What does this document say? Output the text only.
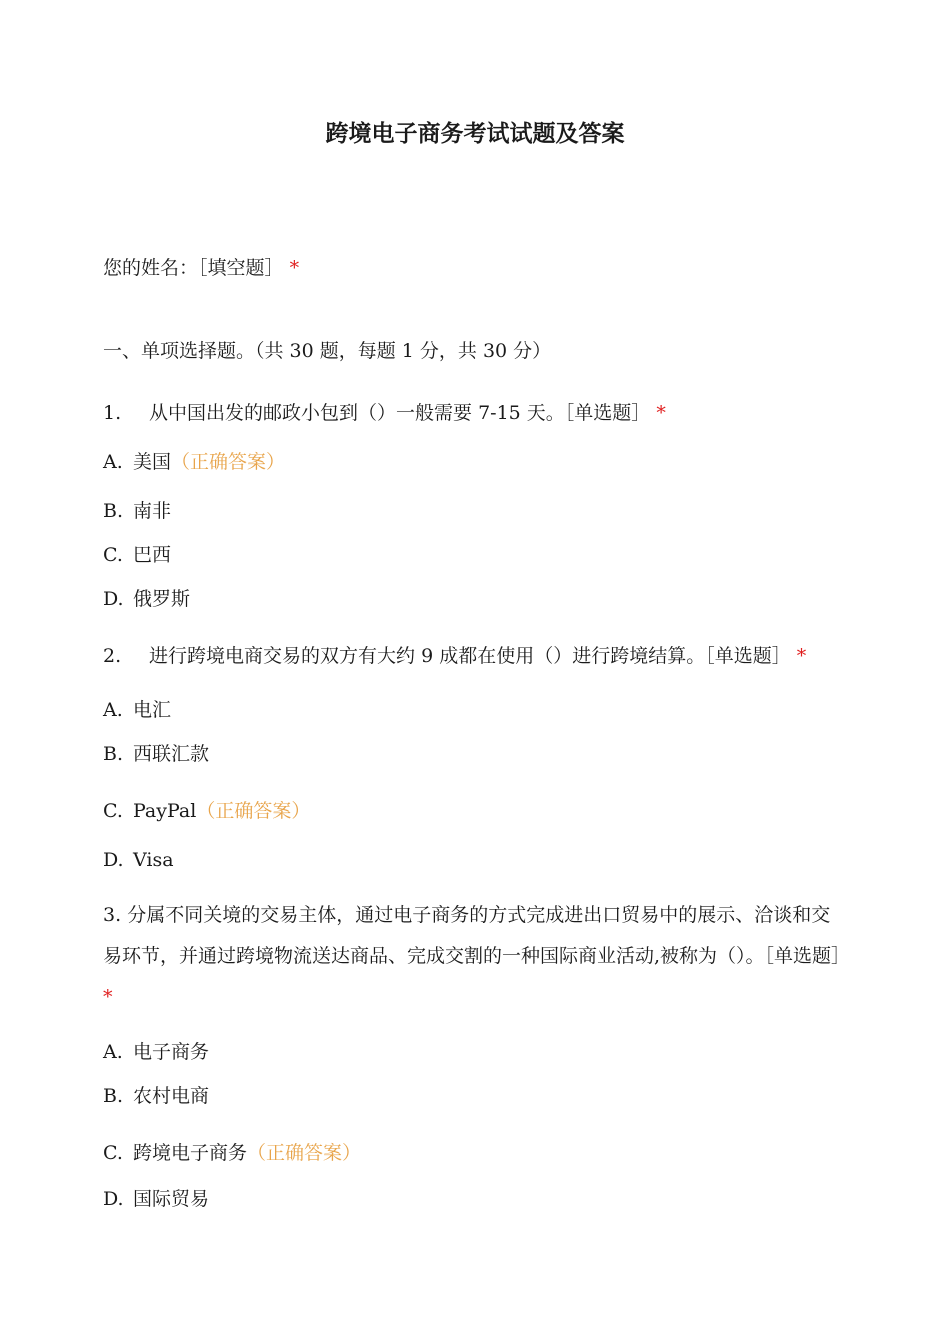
跨境电子商务考试试题及答案
您的姓名：［填空题］ *
一、单项选择题。（共 30 题，每题 1 分，共 30 分）
1. 从中国出发的邮政小包到（）一般需要 7-15 天。［单选题］ *
A. 美国（正确答案）
B. 南非
C. 巴西
D. 俄罗斯
2. 进行跨境电商交易的双方有大约 9 成都在使用（）进行跨境结算。［单选题］ *
A. 电汇
B. 西联汇款
C. PayPal（正确答案）
D. Visa
3. 分属不同关境的交易主体，通过电子商务的方式完成进出口贸易中的展示、洽谈和交易环节，并通过跨境物流送达商品、完成交割的一种国际商业活动,被称为（）。［单选题］*
A. 电子商务
B. 农村电商
C. 跨境电子商务（正确答案）
D. 国际贸易
